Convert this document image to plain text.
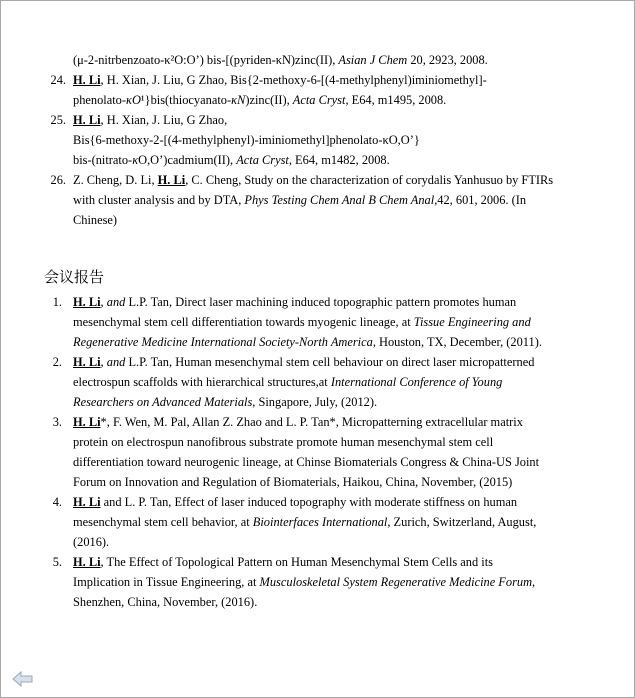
(μ-2-nitrbenzoato-κ²O:O’) bis-[(pyriden-κN)zinc(II), Asian J Chem 20, 2923, 2008.
24. H. Li, H. Xian, J. Liu, G Zhao, Bis{2-methoxy-6-[(4-methylphenyl)iminiomethyl]-
phenolato-κO¹}bis(thiocyanato-κN)zinc(II), Acta Cryst, E64, m1495, 2008.
25. H. Li, H. Xian, J. Liu, G Zhao,
Bis{6-methoxy-2-[(4-methylphenyl)-iminiomethyl]phenolato-κO,O’}
bis-(nitrato-κO,O’)cadmium(II), Acta Cryst, E64, m1482, 2008.
26. Z. Cheng, D. Li, H. Li, C. Cheng, Study on the characterization of corydalis Yanhusuo by FTIRs
with cluster analysis and by DTA, Phys Testing Chem Anal B Chem Anal,42, 601, 2006. (In
Chinese)
会议报告
1. H. Li, and L.P. Tan, Direct laser machining induced topographic pattern promotes human
mesenchymal stem cell differentiation towards myogenic lineage, at Tissue Engineering and
Regenerative Medicine International Society-North America, Houston, TX, December, (2011).
2. H. Li, and L.P. Tan, Human mesenchymal stem cell behaviour on direct laser micropatterned
electrospun scaffolds with hierarchical structures,at International Conference of Young
Researchers on Advanced Materials, Singapore, July, (2012).
3. H. Li*, F. Wen, M. Pal, Allan Z. Zhao and L. P. Tan*, Micropatterning extracellular matrix
protein on electrospun nanofibrous substrate promote human mesenchymal stem cell
differentiation toward neurogenic lineage, at Chinse Biomaterials Congress & China-US Joint
Forum on Innovation and Regulation of Biomaterials, Haikou, China, November, (2015)
4. H. Li and L. P. Tan, Effect of laser induced topography with moderate stiffness on human
mesenchymal stem cell behavior, at Biointerfaces International, Zurich, Switzerland, August,
(2016).
5. H. Li, The Effect of Topological Pattern on Human Mesenchymal Stem Cells and its
Implication in Tissue Engineering, at Musculoskeletal System Regenerative Medicine Forum,
Shenzhen, China, November, (2016).
